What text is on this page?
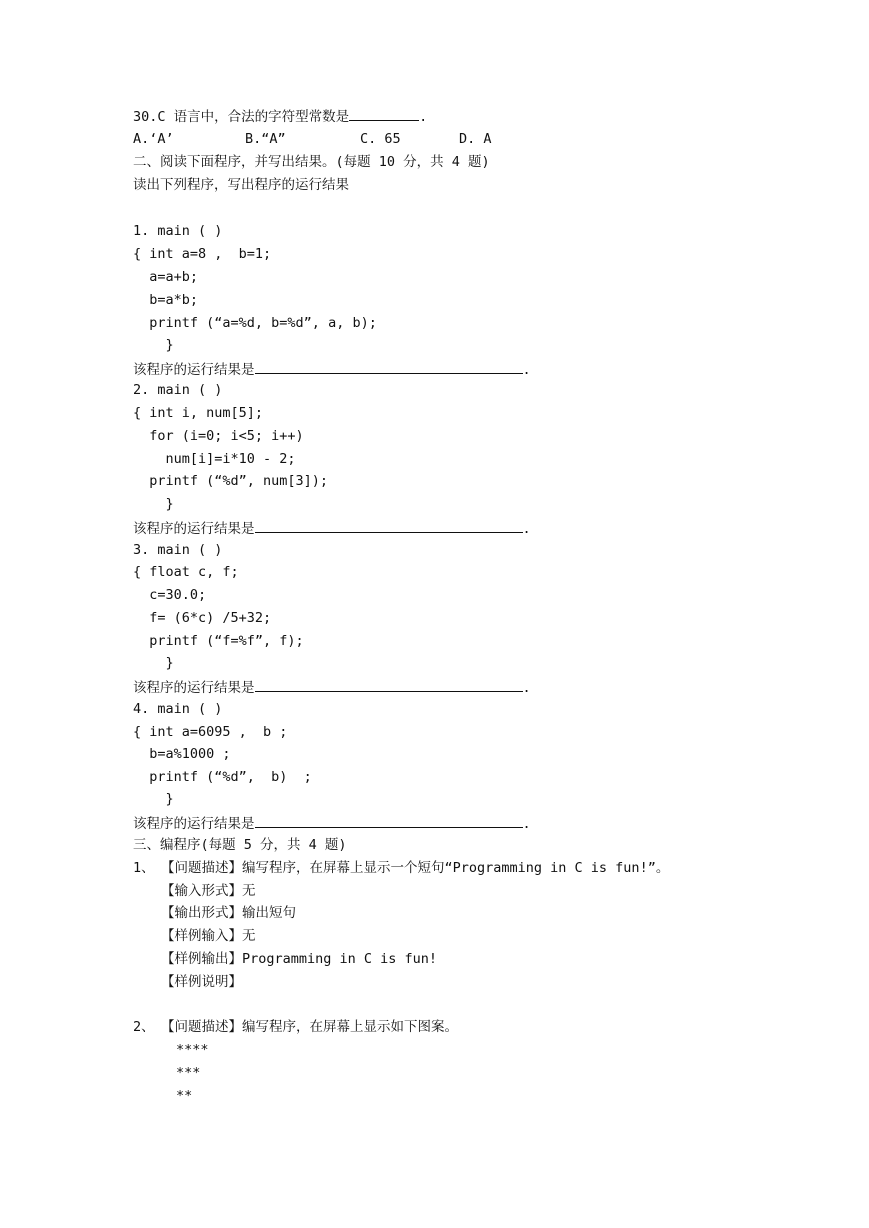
30.C 语言中，合法的字符型常数是	.
A.‘A’	B.“A”	C. 65	D. A
二、阅读下面程序，并写出结果。(每题 10 分，共 4 题)
读出下列程序，写出程序的运行结果
1. main ( )
{ int a=8 ,  b=1;
a=a+b;
b=a*b;
printf (“a=%d, b=%d”, a, b);
}
该程序的运行结果是	.
2. main ( )
{ int i, num[5];
for (i=0; i<5; i++)
num[i]=i*10 - 2;
printf (“%d”, num[3]);
}
该程序的运行结果是	.
3. main ( )
{ float c, f;
c=30.0;
f= (6*c) /5+32;
printf (“f=%f”, f);
}
该程序的运行结果是	.
4. main ( )
{ int a=6095 ,  b ;
b=a%1000 ;
printf (“%d”,  b)  ;
}
该程序的运行结果是	.
三、编程序(每题 5 分，共 4 题)
1、 【问题描述】编写程序，在屏幕上显示一个短句“Programming in C is fun!”。
【输入形式】无
【输出形式】输出短句
【样例输入】无
【样例输出】Programming in C is fun!
【样例说明】
2、 【问题描述】编写程序，在屏幕上显示如下图案。
****
***
**
